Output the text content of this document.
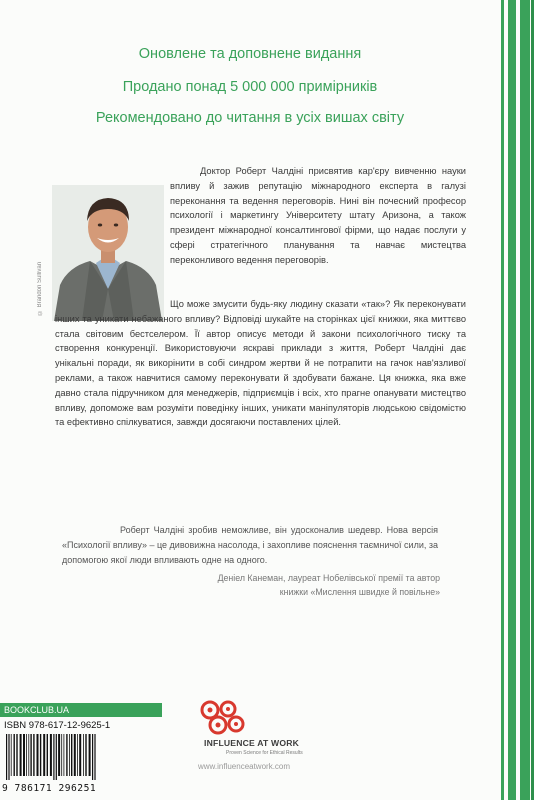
Оновлене та доповнене видання

Продано понад 5 000 000 примірників

Рекомендовано до читання в усіх вишах світу

© Brandon Sullivan

Доктор Роберт Чалдіні присвятив кар'єру вивченню науки впливу й зажив репутацію міжнародного експерта в галузі переконання та ведення переговорів. Нині він почесний професор психології і маркетингу Університету штату Аризона, а також президент міжнародної консалтингової фірми, що надає послуги у сфері стратегічного планування та навчає мистецтва переконливого ведення переговорів.

Що може змусити будь-яку людину сказати «так»? Як переконувати інших та уникати небажаного впливу? Відповіді шукайте на сторінках цієї книжки, яка миттєво стала світовим бестселером. Її автор описує методи й закони психологічного тиску та створення конкуренції. Використовуючи яскраві приклади з життя, Роберт Чалдіні дає унікальні поради, як викорінити в собі синдром жертви й не потрапити на гачок нав'язливої реклами, а також навчитися самому переконувати й здобувати бажане. Ця книжка, яка вже давно стала підручником для менеджерів, підприємців і всіх, хто прагне опанувати мистецтво впливу, допоможе вам розуміти поведінку інших, уникати маніпуляторів людською свідомістю та ефективно спілкуватися, завжди досягаючи поставлених цілей.

Роберт Чалдіні зробив неможливе, він удосконалив шедевр. Нова версія «Психології впливу» – це дивовижна насолода, і захопливе пояснення таємничої сили, за допомогою якої люди впливають одне на одного.

Деніел Канеман, лауреат Нобелівської премії та автор книжки «Мислення швидке й повільне»

BOOKCLUB.UA
ISBN 978-617-12-9625-1
9 786171 296251
INFLUENCE AT WORK
Proven Science for Ethical Results
www.influenceatwork.com
